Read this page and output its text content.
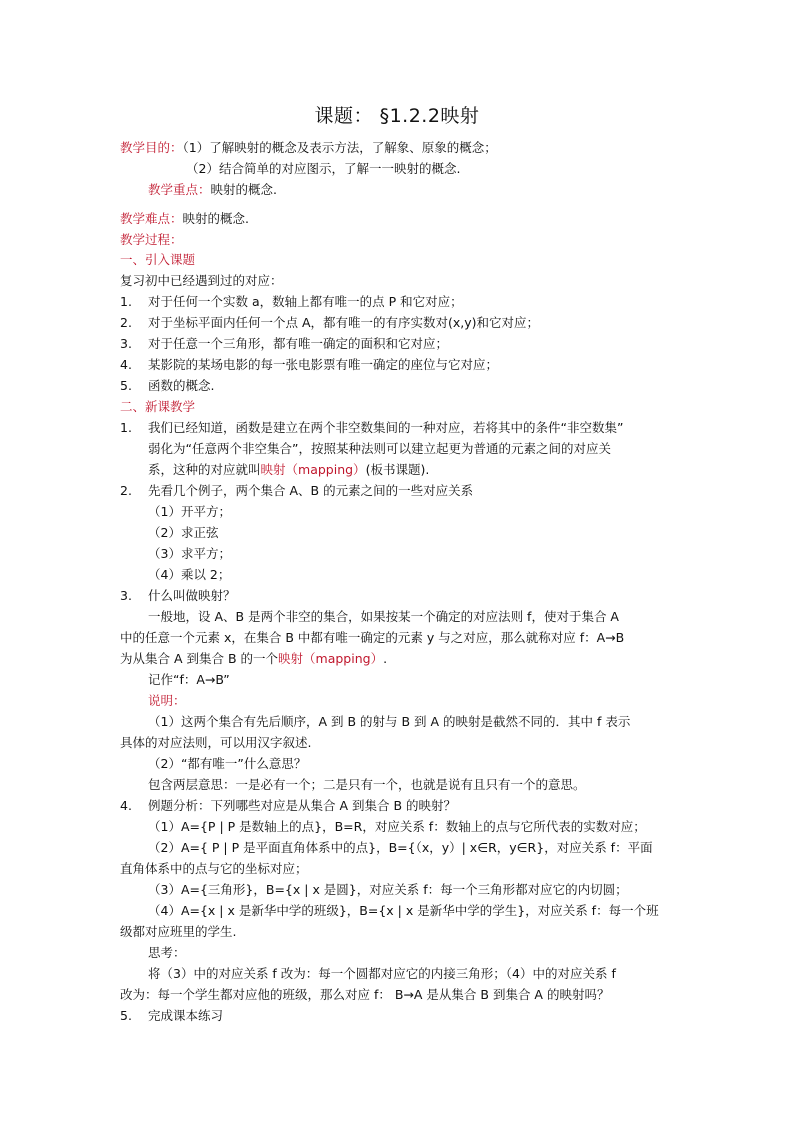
课题： §1.2.2映射
教学目的：（1）了解映射的概念及表示方法，了解象、原象的概念；
（2）结合简单的对应图示，了解一一映射的概念.
教学重点：映射的概念.
教学难点：映射的概念.
教学过程：
一、引入课题
复习初中已经遇到过的对应：
1. 对于任何一个实数 a，数轴上都有唯一的点 P 和它对应；
2. 对于坐标平面内任何一个点 A，都有唯一的有序实数对(x,y)和它对应；
3. 对于任意一个三角形，都有唯一确定的面积和它对应；
4. 某影院的某场电影的每一张电影票有唯一确定的座位与它对应；
5. 函数的概念.
二、新课教学
1. 我们已经知道，函数是建立在两个非空数集间的一种对应，若将其中的条件“非空数集”
弱化为“任意两个非空集合”，按照某种法则可以建立起更为普通的元素之间的对应关
系，这种的对应就叫映射（mapping）(板书课题).
2. 先看几个例子，两个集合 A、B 的元素之间的一些对应关系
（1）开平方；
（2）求正弦
（3）求平方；
（4）乘以 2；
3. 什么叫做映射？
一般地，设 A、B 是两个非空的集合，如果按某一个确定的对应法则 f，使对于集合 A
中的任意一个元素 x，在集合 B 中都有唯一确定的元素 y 与之对应，那么就称对应 f：A→B
为从集合 A 到集合 B 的一个映射（mapping）.
记作“f：A→B”
说明：
（1）这两个集合有先后顺序，A 到 B 的射与 B 到 A 的映射是截然不同的．其中 f 表示
具体的对应法则，可以用汉字叙述.
（2）“都有唯一”什么意思？
包含两层意思：一是必有一个；二是只有一个，也就是说有且只有一个的意思。
4. 例题分析：下列哪些对应是从集合 A 到集合 B 的映射？
（1）A={P | P 是数轴上的点}，B=R，对应关系 f：数轴上的点与它所代表的实数对应；
（2）A={ P | P 是平面直角体系中的点}，B={（x，y）| x∈R，y∈R}，对应关系 f：平面
直角体系中的点与它的坐标对应；
（3）A={三角形}，B={x | x 是圆}，对应关系 f：每一个三角形都对应它的内切圆；
（4）A={x | x 是新华中学的班级}，B={x | x 是新华中学的学生}，对应关系 f：每一个班
级都对应班里的学生.
思考：
将（3）中的对应关系 f 改为：每一个圆都对应它的内接三角形；（4）中的对应关系 f
改为：每一个学生都对应他的班级，那么对应 f： B→A 是从集合 B 到集合 A 的映射吗？
5. 完成课本练习
